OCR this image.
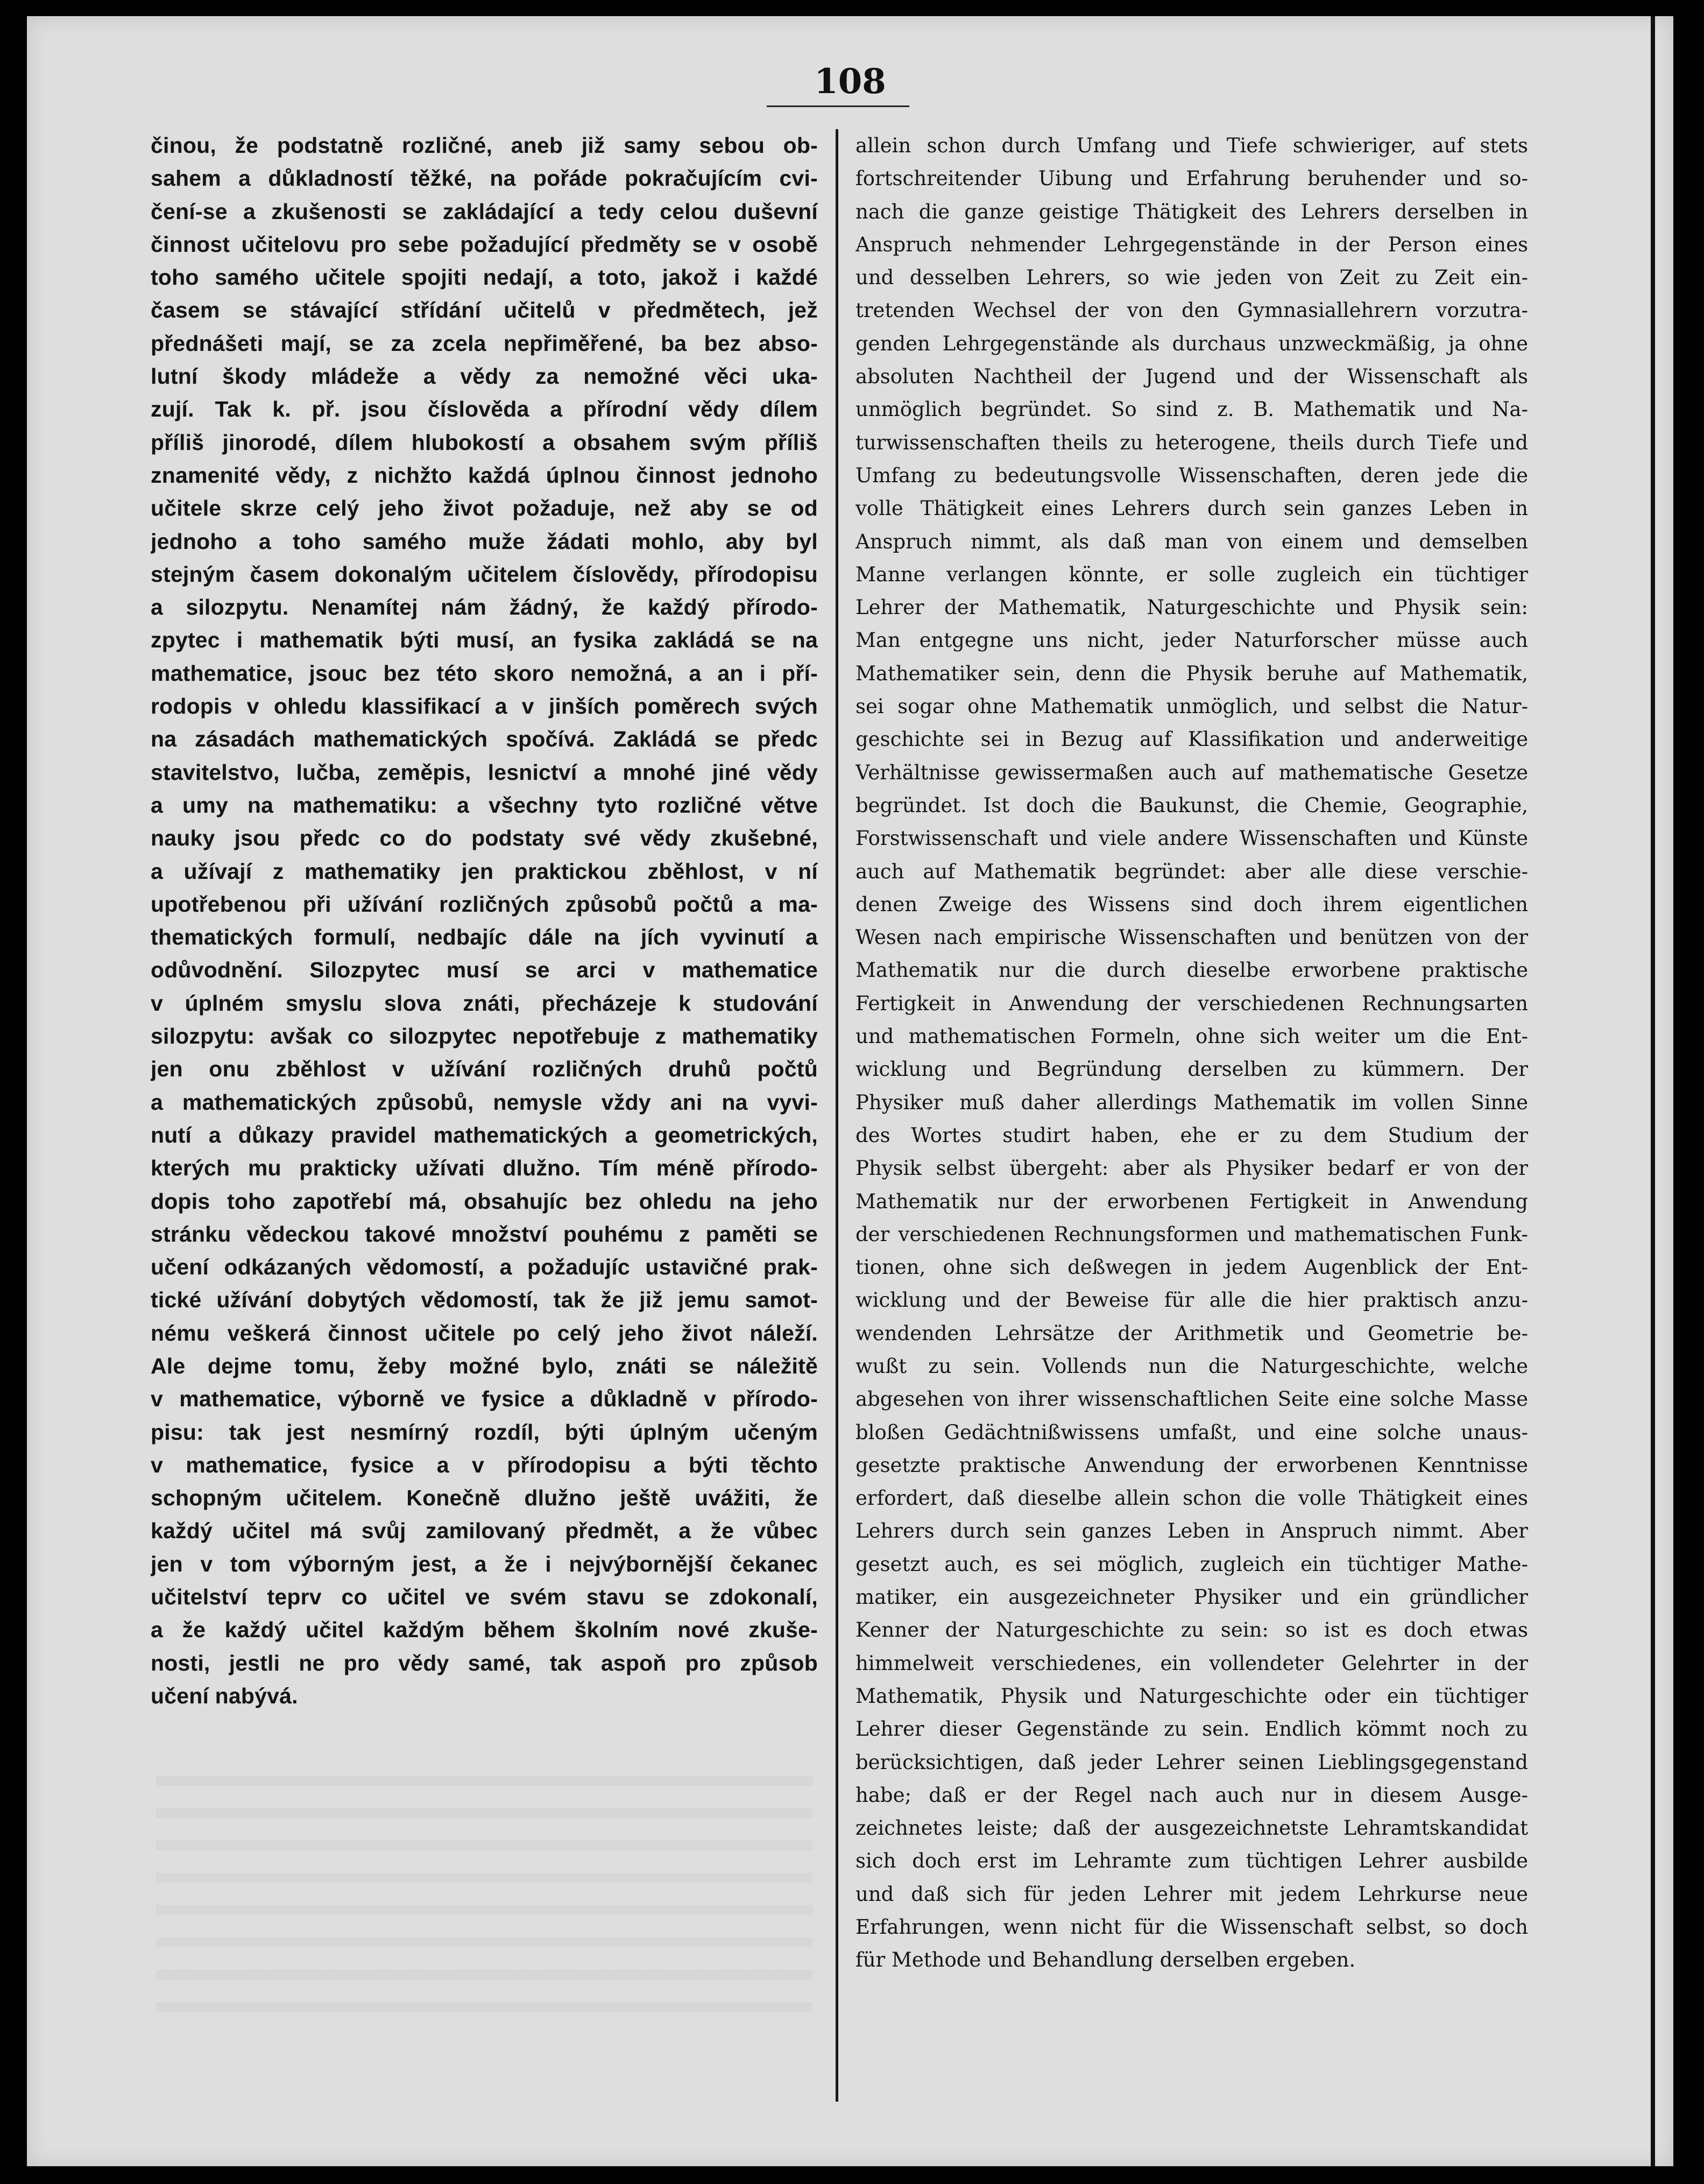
108

činou, že podstatně rozličné, aneb již samy sebou ob-
sahem a důkladností těžké, na pořáde pokračujícím cvi-
čení-se a zkušenosti se zakládající a tedy celou duševní
činnost učitelovu pro sebe požadující předměty se v osobě
toho samého učitele spojiti nedají, a toto, jakož i každé
časem se stávající střídání učitelů v předmětech, jež
přednášeti mají, se za zcela nepřiměřené, ba bez abso-
lutní škody mládeže a vědy za nemožné věci uka-
zují. Tak k. př. jsou číslověda a přírodní vědy dílem
příliš jinorodé, dílem hlubokostí a obsahem svým příliš
znamenité vědy, z nichžto každá úplnou činnost jednoho
učitele skrze celý jeho život požaduje, než aby se od
jednoho a toho samého muže žádati mohlo, aby byl
stejným časem dokonalým učitelem číslovědy, přírodopisu
a silozpytu. Nenamítej nám žádný, že každý přírodo-
zpytec i mathematik býti musí, an fysika zakládá se na
mathematice, jsouc bez této skoro nemožná, a an i pří-
rodopis v ohledu klassifikací a v jinších poměrech svých
na zásadách mathematických spočívá. Zakládá se předc
stavitelstvo, lučba, zeměpis, lesnictví a mnohé jiné vědy
a umy na mathematiku: a všechny tyto rozličné větve
nauky jsou předc co do podstaty své vědy zkušebné,
a užívají z mathematiky jen praktickou zběhlost, v ní
upotřebenou při užívání rozličných způsobů počtů a ma-
thematických formulí, nedbajíc dále na jích vyvinutí a
odůvodnění. Silozpytec musí se arci v mathematice
v úplném smyslu slova znáti, přecházeje k studování
silozpytu: avšak co silozpytec nepotřebuje z mathematiky
jen onu zběhlost v užívání rozličných druhů počtů
a mathematických způsobů, nemysle vždy ani na vyvi-
nutí a důkazy pravidel mathematických a geometrických,
kterých mu prakticky užívati dlužno. Tím méně přírodo-
dopis toho zapotřebí má, obsahujíc bez ohledu na jeho
stránku vědeckou takové množství pouhému z paměti se
učení odkázaných vědomostí, a požadujíc ustavičné prak-
tické užívání dobytých vědomostí, tak že již jemu samot-
nému veškerá činnost učitele po celý jeho život náleží.
Ale dejme tomu, žeby možné bylo, znáti se náležitě
v mathematice, výborně ve fysice a důkladně v přírodo-
pisu: tak jest nesmírný rozdíl, býti úplným učeným
v mathematice, fysice a v přírodopisu a býti těchto
schopným učitelem. Konečně dlužno ještě uvážiti, že
každý učitel má svůj zamilovaný předmět, a že vůbec
jen v tom výborným jest, a že i nejvýbornější čekanec
učitelství teprv co učitel ve svém stavu se zdokonalí,
a že každý učitel každým během školním nové zkuše-
nosti, jestli ne pro vědy samé, tak aspoň pro způsob
učení nabývá.
allein schon durch Umfang und Tiefe schwieriger, auf stets
fortschreitender Uibung und Erfahrung beruhender und so-
nach die ganze geistige Thätigkeit des Lehrers derselben in
Anspruch nehmender Lehrgegenstände in der Person eines
und desselben Lehrers, so wie jeden von Zeit zu Zeit ein-
tretenden Wechsel der von den Gymnasiallehrern vorzutra-
genden Lehrgegenstände als durchaus unzweckmäßig, ja ohne
absoluten Nachtheil der Jugend und der Wissenschaft als
unmöglich begründet. So sind z. B. Mathematik und Na-
turwissenschaften theils zu heterogene, theils durch Tiefe und
Umfang zu bedeutungsvolle Wissenschaften, deren jede die
volle Thätigkeit eines Lehrers durch sein ganzes Leben in
Anspruch nimmt, als daß man von einem und demselben
Manne verlangen könnte, er solle zugleich ein tüchtiger
Lehrer der Mathematik, Naturgeschichte und Physik sein:
Man entgegne uns nicht, jeder Naturforscher müsse auch
Mathematiker sein, denn die Physik beruhe auf Mathematik,
sei sogar ohne Mathematik unmöglich, und selbst die Natur-
geschichte sei in Bezug auf Klassifikation und anderweitige
Verhältnisse gewissermaßen auch auf mathematische Gesetze
begründet. Ist doch die Baukunst, die Chemie, Geographie,
Forstwissenschaft und viele andere Wissenschaften und Künste
auch auf Mathematik begründet: aber alle diese verschie-
denen Zweige des Wissens sind doch ihrem eigentlichen
Wesen nach empirische Wissenschaften und benützen von der
Mathematik nur die durch dieselbe erworbene praktische
Fertigkeit in Anwendung der verschiedenen Rechnungsarten
und mathematischen Formeln, ohne sich weiter um die Ent-
wicklung und Begründung derselben zu kümmern. Der
Physiker muß daher allerdings Mathematik im vollen Sinne
des Wortes studirt haben, ehe er zu dem Studium der
Physik selbst übergeht: aber als Physiker bedarf er von der
Mathematik nur der erworbenen Fertigkeit in Anwendung
der verschiedenen Rechnungsformen und mathematischen Funk-
tionen, ohne sich deßwegen in jedem Augenblick der Ent-
wicklung und der Beweise für alle die hier praktisch anzu-
wendenden Lehrsätze der Arithmetik und Geometrie be-
wußt zu sein. Vollends nun die Naturgeschichte, welche
abgesehen von ihrer wissenschaftlichen Seite eine solche Masse
bloßen Gedächtnißwissens umfaßt, und eine solche unaus-
gesetzte praktische Anwendung der erworbenen Kenntnisse
erfordert, daß dieselbe allein schon die volle Thätigkeit eines
Lehrers durch sein ganzes Leben in Anspruch nimmt. Aber
gesetzt auch, es sei möglich, zugleich ein tüchtiger Mathe-
matiker, ein ausgezeichneter Physiker und ein gründlicher
Kenner der Naturgeschichte zu sein: so ist es doch etwas
himmelweit verschiedenes, ein vollendeter Gelehrter in der
Mathematik, Physik und Naturgeschichte oder ein tüchtiger
Lehrer dieser Gegenstände zu sein. Endlich kömmt noch zu
berücksichtigen, daß jeder Lehrer seinen Lieblingsgegenstand
habe; daß er der Regel nach auch nur in diesem Ausge-
zeichnetes leiste; daß der ausgezeichnetste Lehramtskandidat
sich doch erst im Lehramte zum tüchtigen Lehrer ausbilde
und daß sich für jeden Lehrer mit jedem Lehrkurse neue
Erfahrungen, wenn nicht für die Wissenschaft selbst, so doch
für Methode und Behandlung derselben ergeben.
